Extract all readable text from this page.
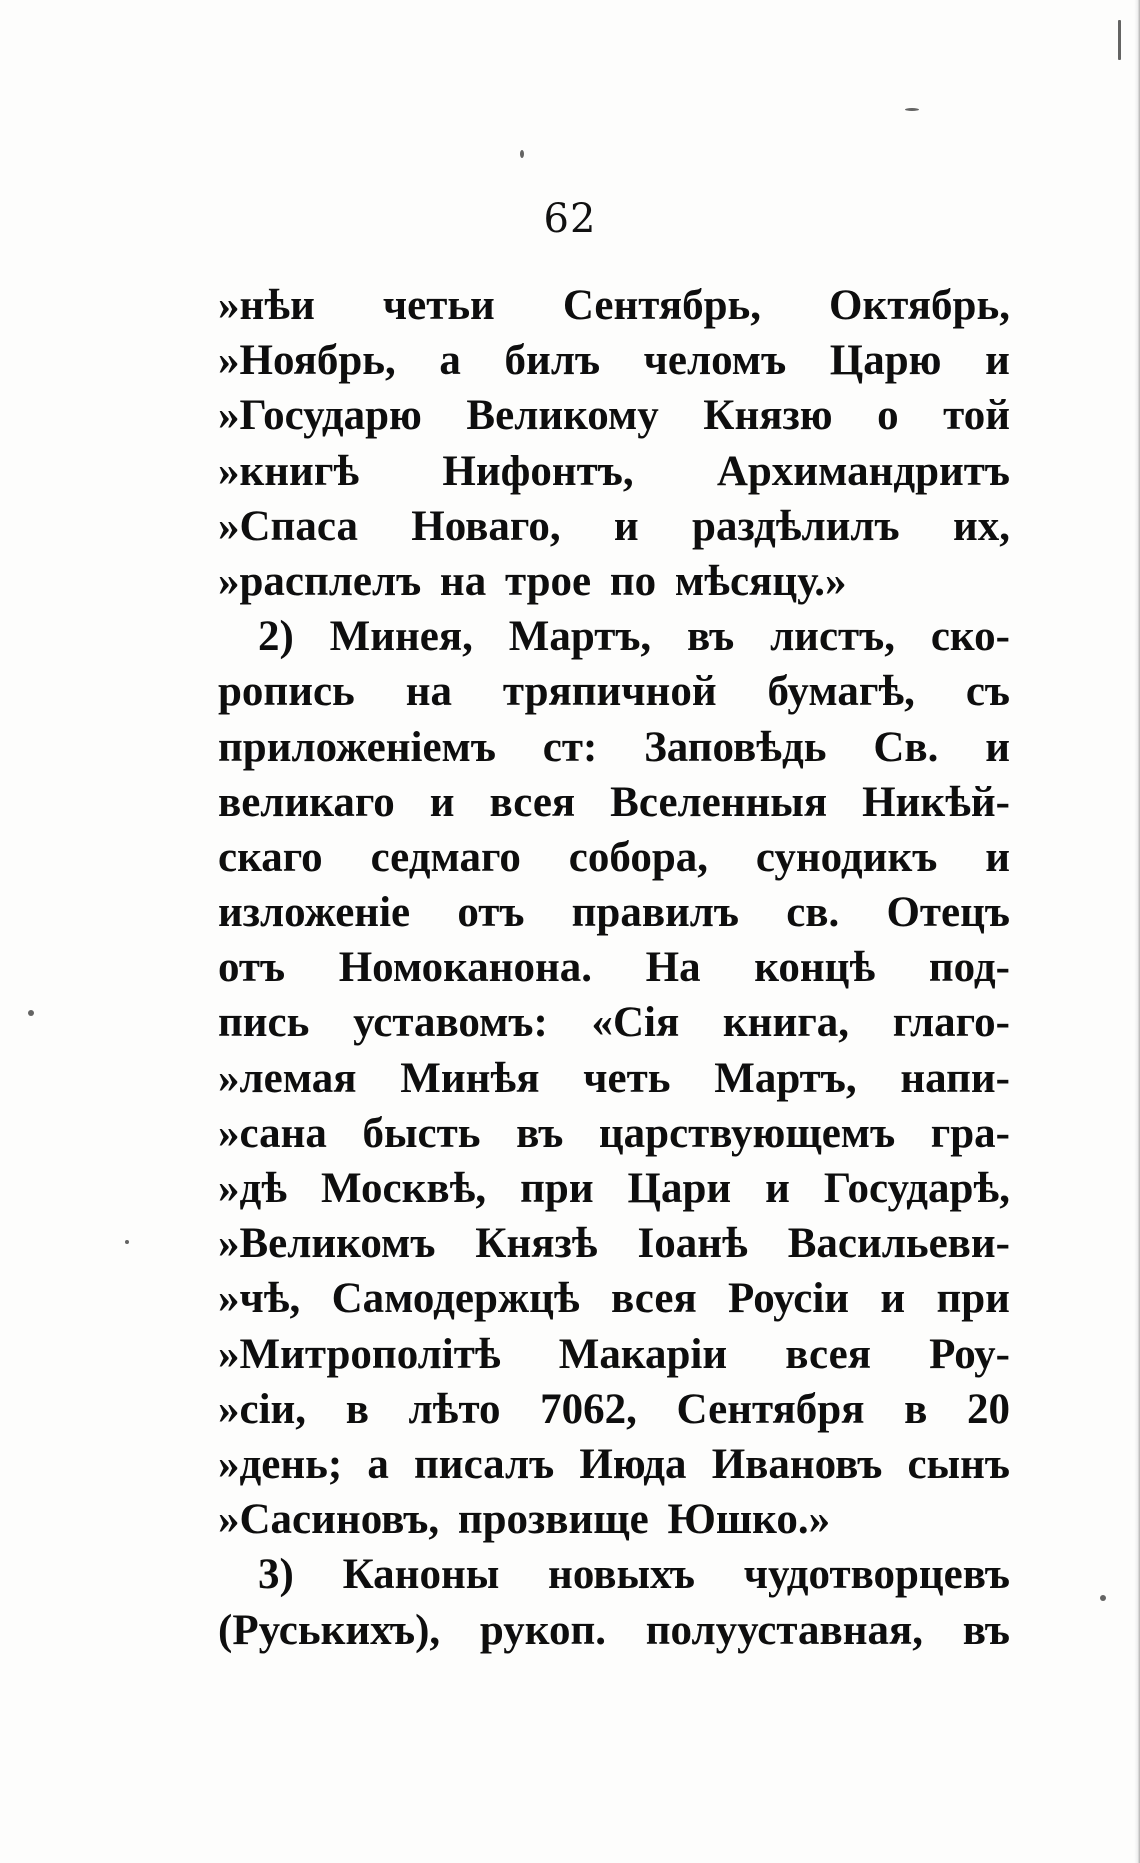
62
»нѣи четьи Сентябрь, Октябрь,
»Ноябрь, а билъ челомъ Царю и
»Государю Великому Князю о той
»книгѣ Нифонтъ, Архимандритъ
»Спаса Новаго, и раздѣлилъ их,
»расплелъ на трое по мѣсяцу.»
2) Минея, Мартъ, въ листъ, ско-
ропись на тряпичной бумагѣ, съ
приложеніемъ ст: Заповѣдь Св. и
великаго и всея Вселенныя Никѣй-
скаго седмаго собора, сунодикъ и
изложеніе отъ правилъ св. Отецъ
отъ Номоканона. На концѣ под-
пись уставомъ: «Сія книга, глаго-
»лемая Минѣя четь Мартъ, напи-
»сана бысть въ царствующемъ гра-
»дѣ Москвѣ, при Цари и Государѣ,
»Великомъ Князѣ Іоанѣ Васильеви-
»чѣ, Самодержцѣ всея Роусіи и при
»Митрополітѣ Макаріи всея Роу-
»сіи, в лѣто 7062, Сентября в 20
»день; а писалъ Июда Ивановъ сынъ
»Сасиновъ, прозвище Юшко.»
3) Каноны новыхъ чудотворцевъ
(Руськихъ), рукоп. полууставная, въ
